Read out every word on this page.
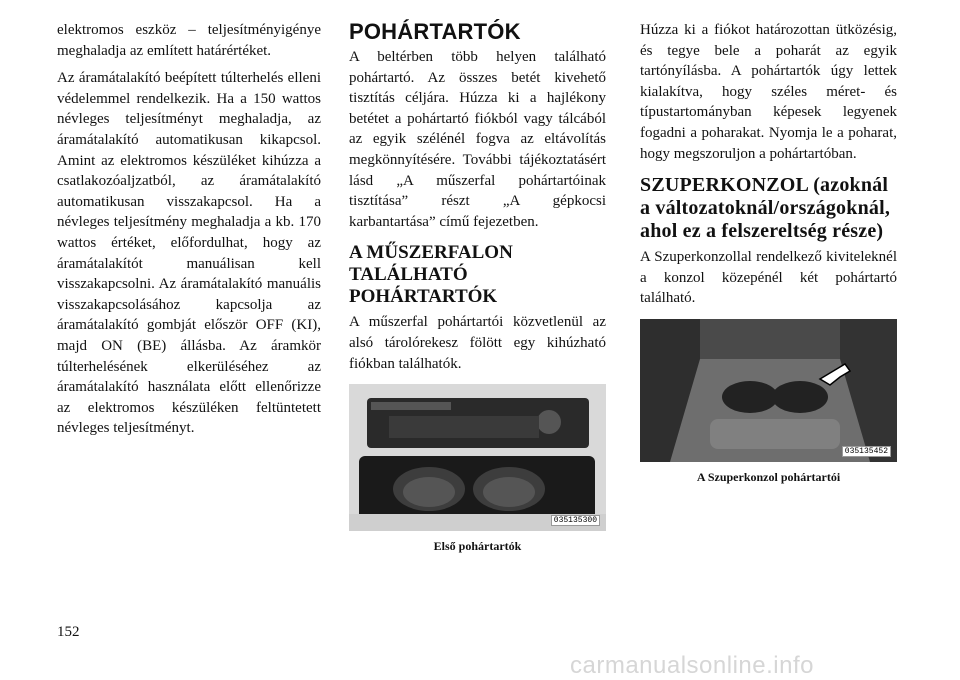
elektromos eszköz – teljesítményigénye meghaladja az említett határértéket.

Az áramátalakító beépített túlterhelés elleni védelemmel rendelkezik. Ha a 150 wattos névleges teljesítményt meghaladja, az áramátalakító automatikusan kikapcsol. Amint az elektromos készüléket kihúzza a csatlakozóaljzatból, az áramátalakító automatikusan visszakapcsol. Ha a névleges teljesítmény meghaladja a kb. 170 wattos értéket, előfordulhat, hogy az áramátalakítót manuálisan kell visszakapcsolni. Az áramátalakító manuális visszakapcsolásához kapcsolja az áramátalakító gombját először OFF (KI), majd ON (BE) állásba. Az áramkör túlterhelésének elkerüléséhez az áramátalakító használata előtt ellenőrizze az elektromos készüléken feltüntetett névleges teljesítményt.

POHÁRTARTÓK

A beltérben több helyen található pohártartó. Az összes betét kivehető tisztítás céljára. Húzza ki a hajlékony betétet a pohártartó fiókból vagy tálcából az egyik szélénél fogva az eltávolítás megkönnyítésére. További tájékoztatásért lásd „A műszerfal pohártartóinak tisztítása” részt „A gépkocsi karbantartása” című fejezetben.

A MŰSZERFALON TALÁLHATÓ POHÁRTARTÓK

A műszerfal pohártartói közvetlenül az alsó tárolórekesz fölött egy kihúzható fiókban találhatók.

035135300
Első pohártartók

Húzza ki a fiókot határozottan ütközésig, és tegye bele a poharát az egyik tartónyílásba. A pohártartók úgy lettek kialakítva, hogy széles méret- és típustartományban képesek legyenek fogadni a poharakat. Nyomja le a poharat, hogy megszoruljon a pohártartóban.

SZUPERKONZOL (azoknál a változatoknál/országoknál, ahol ez a felszereltség része)

A Szuperkonzollal rendelkező kiviteleknél a konzol közepénél két pohártartó található.

035135452
A Szuperkonzol pohártartói
152
carmanualsonline.info
